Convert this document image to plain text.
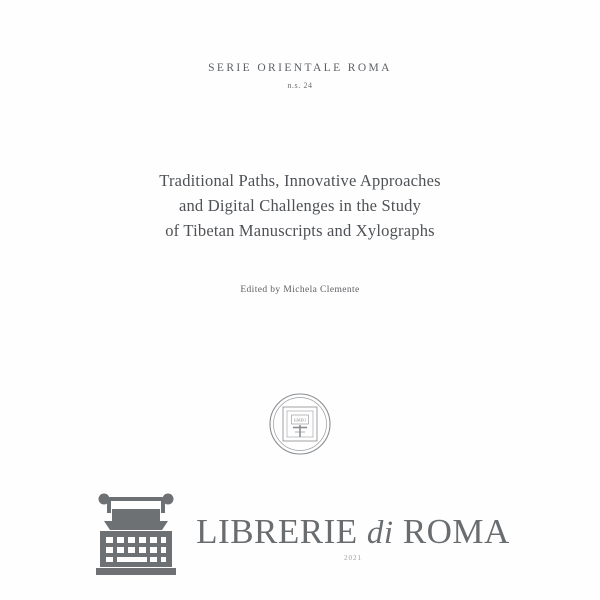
SERIE ORIENTALE ROMA
n.s. 24
Traditional Paths, Innovative Approaches
and Digital Challenges in the Study
of Tibetan Manuscripts and Xylographs
Edited by Michela Clemente
IsMEO
LIBRERIE di ROMA
2021
